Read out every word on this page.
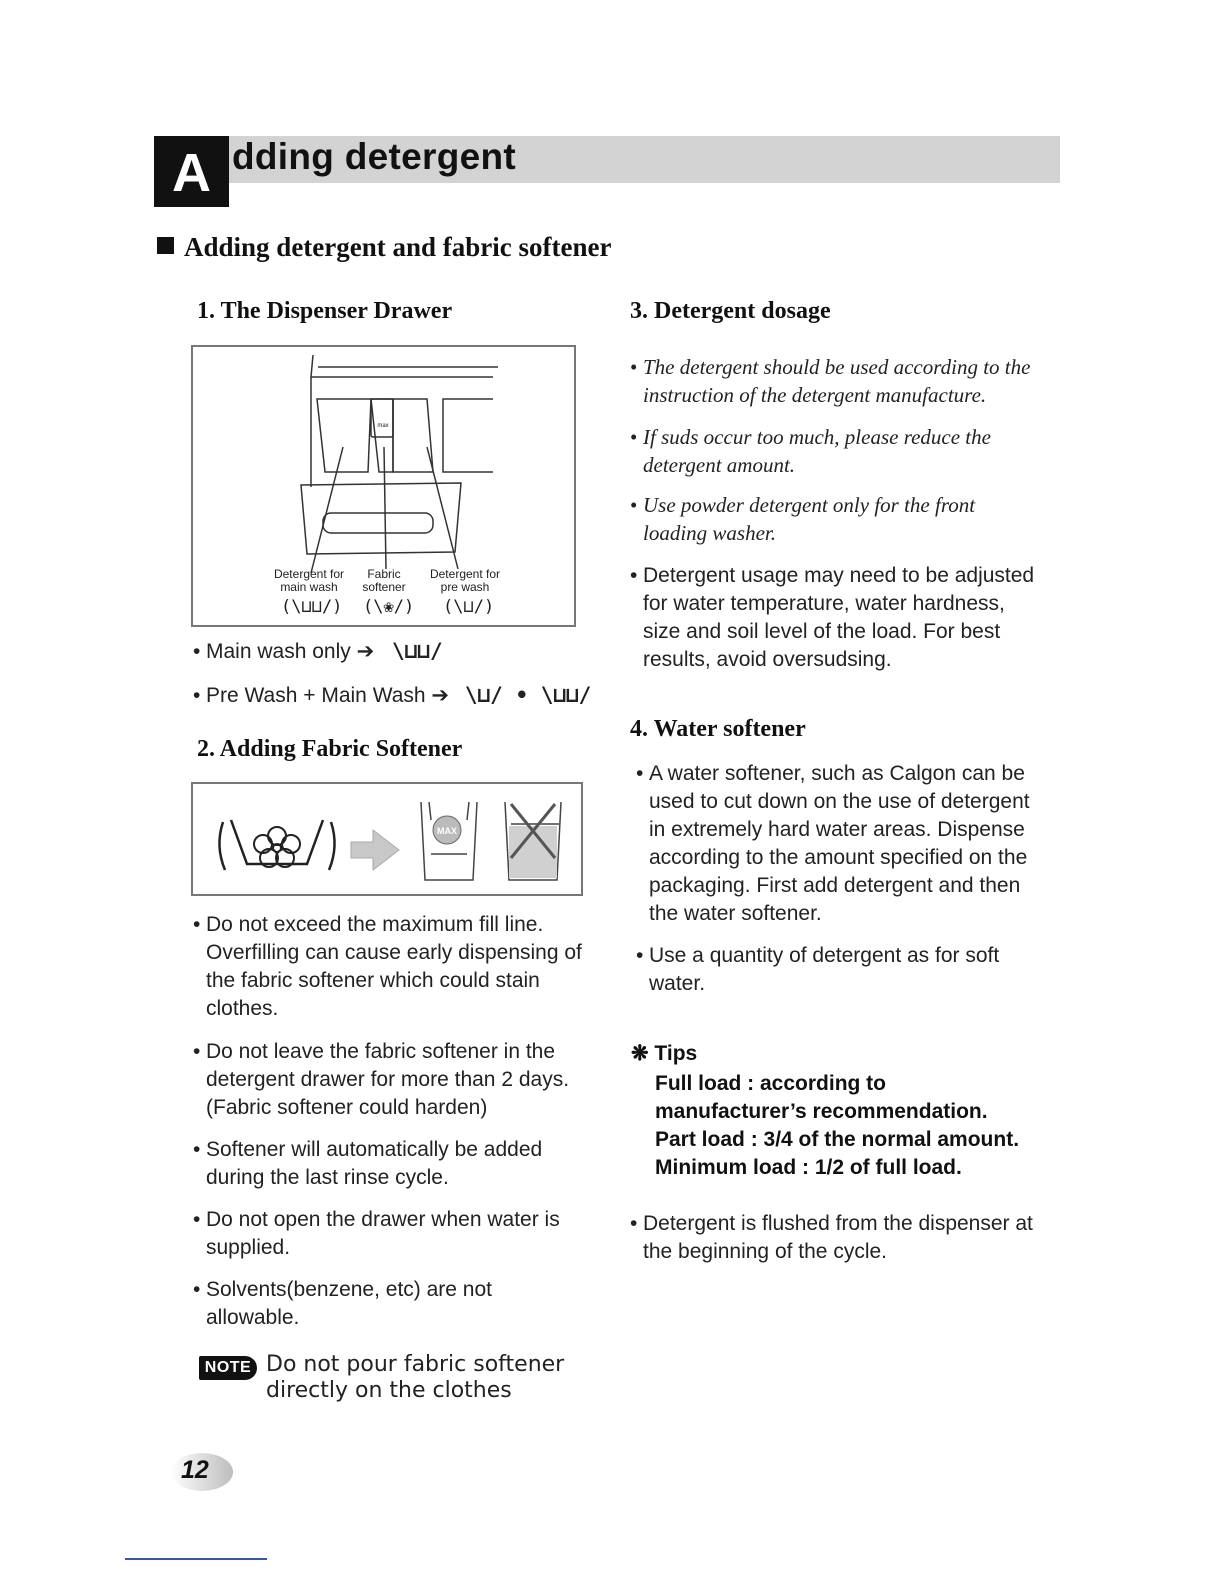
A dding detergent
Adding detergent and fabric softener
1. The Dispenser Drawer
max
Detergent for
main wash
Fabric
softener
Detergent for
pre wash
(\⊔⊔/) (\❀/) (\⊔/)
• Main wash only ➔ \⊔⊔/
• Pre Wash + Main Wash ➔ \⊔/ • \⊔⊔/
2. Adding Fabric Softener
MAX
• Do not exceed the maximum fill line. Overfilling can cause early dispensing of the fabric softener which could stain clothes.
• Do not leave the fabric softener in the detergent drawer for more than 2 days. (Fabric softener could harden)
• Softener will automatically be added during the last rinse cycle.
• Do not open the drawer when water is supplied.
• Solvents(benzene, etc) are not allowable.
NOTE Do not pour fabric softener
directly on the clothes
3. Detergent dosage
• The detergent should be used according to the
instruction of the detergent manufacture.
• If suds occur too much, please reduce the
detergent amount.
• Use powder detergent only for the front
loading washer.
• Detergent usage may need to be adjusted
for water temperature, water hardness,
size and soil level of the load. For best
results, avoid oversudsing.
4. Water softener
• A water softener, such as Calgon can be
used to cut down on the use of detergent
in extremely hard water areas. Dispense
according to the amount specified on the
packaging. First add detergent and then
the water softener.
• Use a quantity of detergent as for soft
water.
❋ Tips
Full load : according to
manufacturer’s recommendation.
Part load : 3/4 of the normal amount.
Minimum load : 1/2 of full load.
• Detergent is flushed from the dispenser at
the beginning of the cycle.
12
